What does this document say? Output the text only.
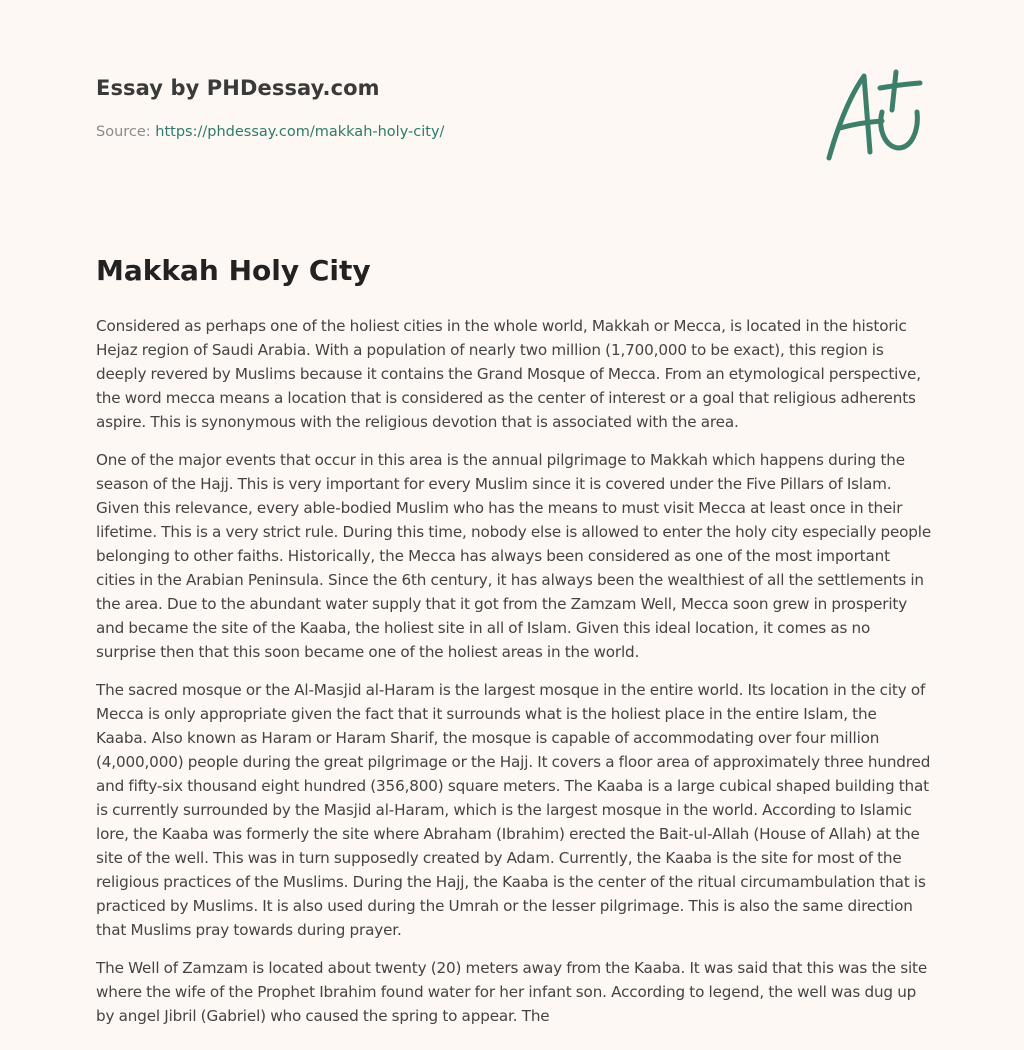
Essay by PHDessay.com
Source: https://phdessay.com/makkah-holy-city/
Makkah Holy City

Considered as perhaps one of the holiest cities in the whole world, Makkah or Mecca, is located in the historic Hejaz region of Saudi Arabia. With a population of nearly two million (1,700,000 to be exact), this region is deeply revered by Muslims because it contains the Grand Mosque of Mecca. From an etymological perspective, the word mecca means a location that is considered as the center of interest or a goal that religious adherents aspire. This is synonymous with the religious devotion that is associated with the area.

One of the major events that occur in this area is the annual pilgrimage to Makkah which happens during the season of the Hajj. This is very important for every Muslim since it is covered under the Five Pillars of Islam. Given this relevance, every able-bodied Muslim who has the means to must visit Mecca at least once in their lifetime. This is a very strict rule. During this time, nobody else is allowed to enter the holy city especially people belonging to other faiths. Historically, the Mecca has always been considered as one of the most important cities in the Arabian Peninsula. Since the 6th century, it has always been the wealthiest of all the settlements in the area. Due to the abundant water supply that it got from the Zamzam Well, Mecca soon grew in prosperity and became the site of the Kaaba, the holiest site in all of Islam. Given this ideal location, it comes as no surprise then that this soon became one of the holiest areas in the world.

The sacred mosque or the Al-Masjid al-Haram is the largest mosque in the entire world. Its location in the city of Mecca is only appropriate given the fact that it surrounds what is the holiest place in the entire Islam, the Kaaba. Also known as Haram or Haram Sharif, the mosque is capable of accommodating over four million (4,000,000) people during the great pilgrimage or the Hajj. It covers a floor area of approximately three hundred and fifty-six thousand eight hundred (356,800) square meters. The Kaaba is a large cubical shaped building that is currently surrounded by the Masjid al-Haram, which is the largest mosque in the world. According to Islamic lore, the Kaaba was formerly the site where Abraham (Ibrahim) erected the Bait-ul-Allah (House of Allah) at the site of the well. This was in turn supposedly created by Adam. Currently, the Kaaba is the site for most of the religious practices of the Muslims. During the Hajj, the Kaaba is the center of the ritual circumambulation that is practiced by Muslims. It is also used during the Umrah or the lesser pilgrimage. This is also the same direction that Muslims pray towards during prayer.

The Well of Zamzam is located about twenty (20) meters away from the Kaaba. It was said that this was the site where the wife of the Prophet Ibrahim found water for her infant son. According to legend, the well was dug up by angel Jibril (Gabriel) who caused the spring to appear. The
